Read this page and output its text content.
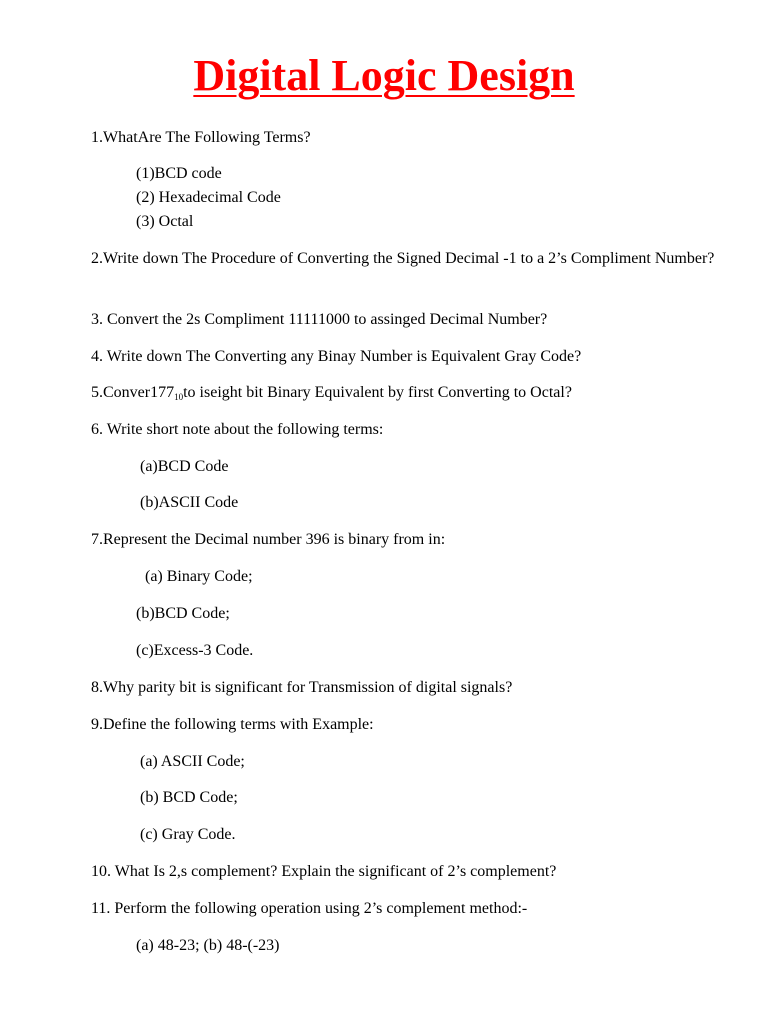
Digital Logic Design

1.WhatAre The Following Terms?

(1)BCD code

(2) Hexadecimal Code

(3) Octal

2.Write down The Procedure of Converting the Signed Decimal -1 to a 2’s Compliment Number?

3. Convert the 2s Compliment 11111000 to assinged Decimal Number?

4. Write down The Converting any Binay Number is Equivalent Gray Code?

$5.Conver177_{10}to$ iseight bit Binary Equivalent by first Converting to Octal?

6. Write short note about the following terms:

(a)BCD Code

(b)ASCII Code

7.Represent the Decimal number 396 is binary from in:

(a) Binary Code;

(b)BCD Code;

(c)Excess-3 Code.

8.Why parity bit is significant for Transmission of digital signals?

9.Define the following terms with Example:

(a) ASCII Code;

(b) BCD Code;

(c) Gray Code.

10. What Is 2,s complement? Explain the significant of 2’s complement?

11. Perform the following operation using 2’s complement method:-

(a) 48-23; (b) 48-(-23)
